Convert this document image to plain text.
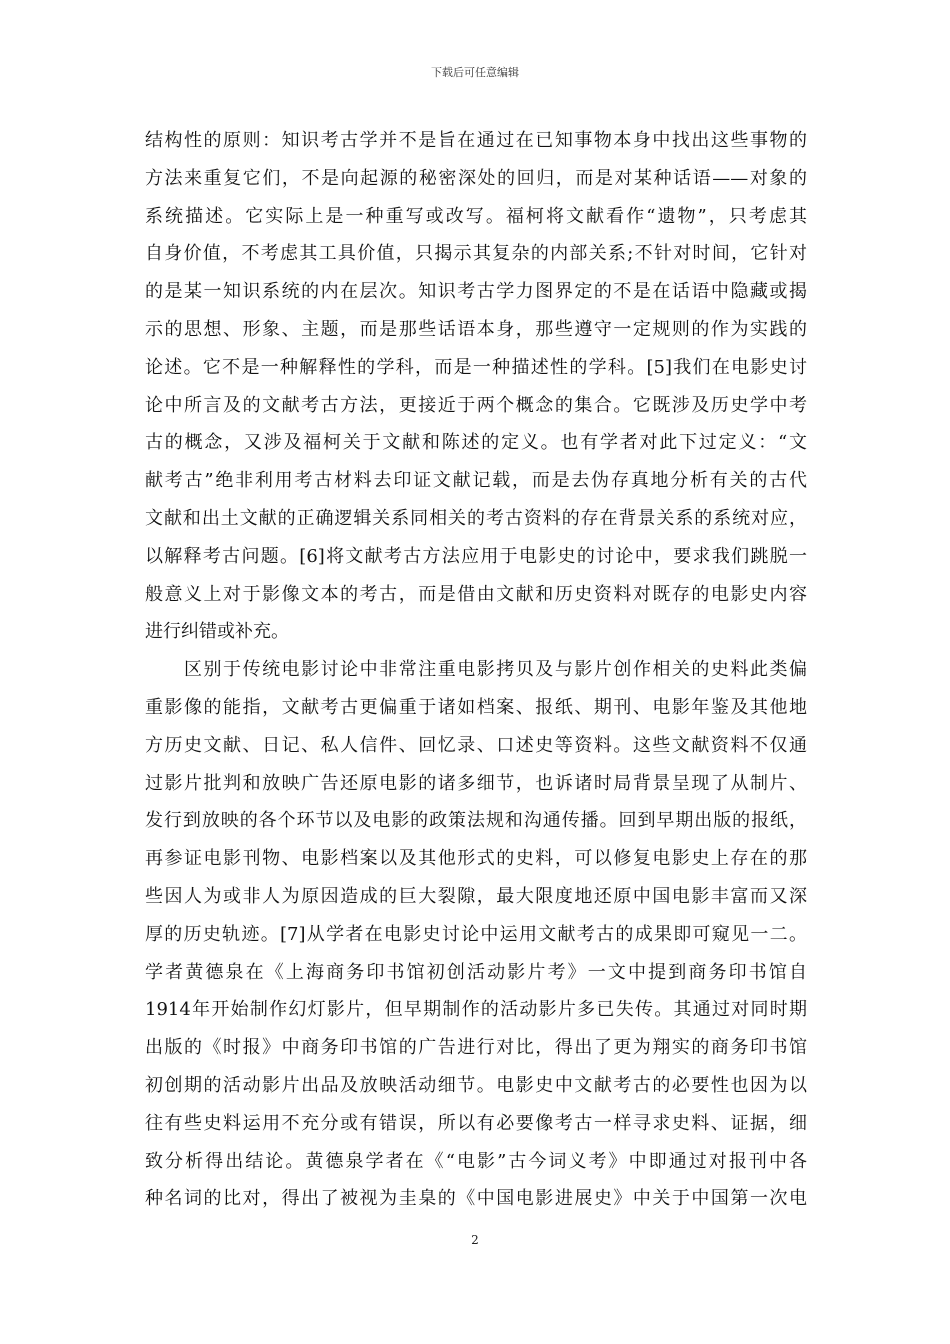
下载后可任意编辑
结构性的原则：知识考古学并不是旨在通过在已知事物本身中找出这些事物的
方法来重复它们，不是向起源的秘密深处的回归，而是对某种话语——对象的
系统描述。它实际上是一种重写或改写。福柯将文献看作“遗物”，只考虑其
自身价值，不考虑其工具价值，只揭示其复杂的内部关系;不针对时间，它针对
的是某一知识系统的内在层次。知识考古学力图界定的不是在话语中隐藏或揭
示的思想、形象、主题，而是那些话语本身，那些遵守一定规则的作为实践的
论述。它不是一种解释性的学科，而是一种描述性的学科。[5]我们在电影史讨
论中所言及的文献考古方法，更接近于两个概念的集合。它既涉及历史学中考
古的概念，又涉及福柯关于文献和陈述的定义。也有学者对此下过定义：“文
献考古”绝非利用考古材料去印证文献记载，而是去伪存真地分析有关的古代
文献和出土文献的正确逻辑关系同相关的考古资料的存在背景关系的系统对应，
以解释考古问题。[6]将文献考古方法应用于电影史的讨论中，要求我们跳脱一
般意义上对于影像文本的考古，而是借由文献和历史资料对既存的电影史内容
进行纠错或补充。
　　区别于传统电影讨论中非常注重电影拷贝及与影片创作相关的史料此类偏
重影像的能指，文献考古更偏重于诸如档案、报纸、期刊、电影年鉴及其他地
方历史文献、日记、私人信件、回忆录、口述史等资料。这些文献资料不仅通
过影片批判和放映广告还原电影的诸多细节，也诉诸时局背景呈现了从制片、
发行到放映的各个环节以及电影的政策法规和沟通传播。回到早期出版的报纸，
再参证电影刊物、电影档案以及其他形式的史料，可以修复电影史上存在的那
些因人为或非人为原因造成的巨大裂隙，最大限度地还原中国电影丰富而又深
厚的历史轨迹。[7]从学者在电影史讨论中运用文献考古的成果即可窥见一二。
学者黄德泉在《上海商务印书馆初创活动影片考》一文中提到商务印书馆自
1914年开始制作幻灯影片，但早期制作的活动影片多已失传。其通过对同时期
出版的《时报》中商务印书馆的广告进行对比，得出了更为翔实的商务印书馆
初创期的活动影片出品及放映活动细节。电影史中文献考古的必要性也因为以
往有些史料运用不充分或有错误，所以有必要像考古一样寻求史料、证据，细
致分析得出结论。黄德泉学者在《“电影”古今词义考》中即通过对报刊中各
种名词的比对，得出了被视为圭臬的《中国电影进展史》中关于中国第一次电
2
